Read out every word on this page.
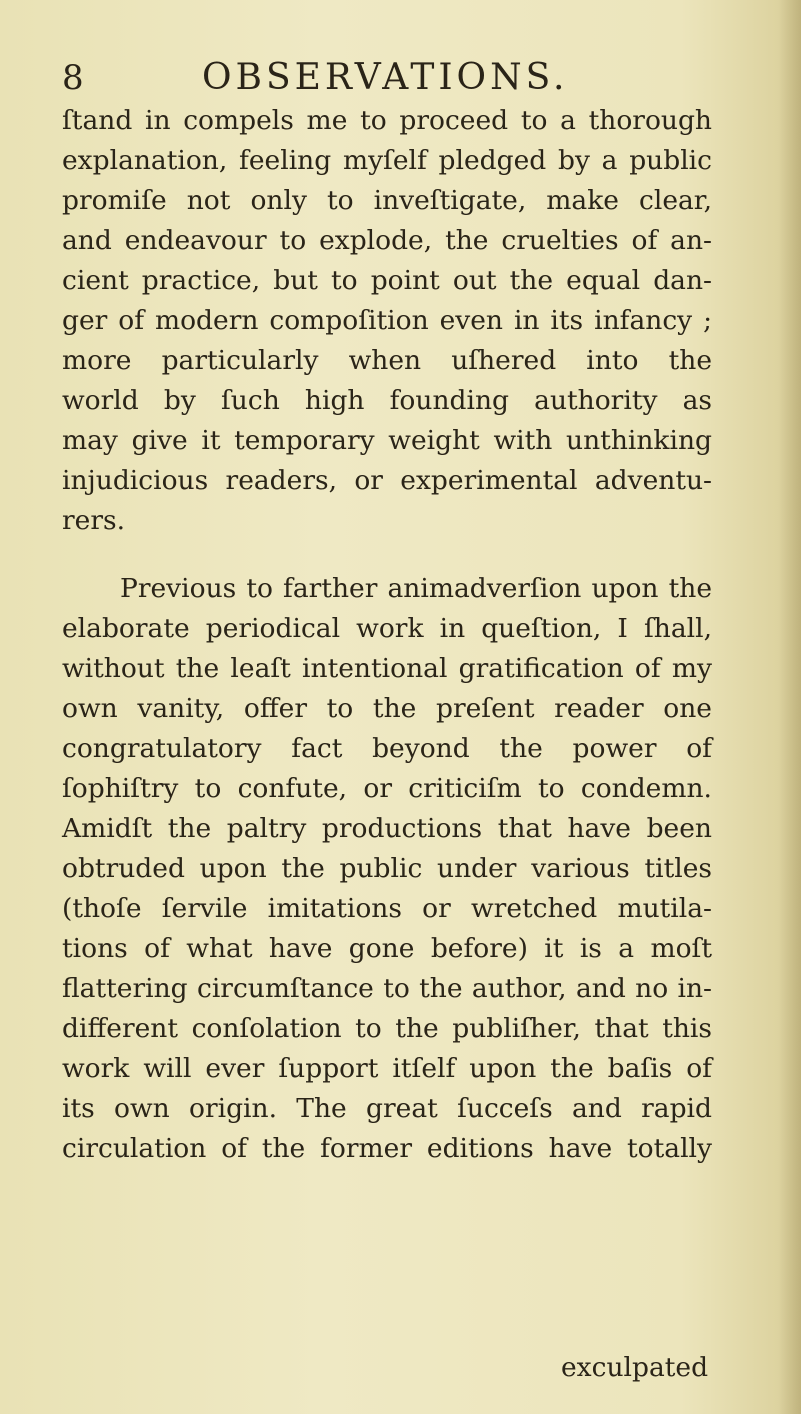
8	OBSERVATIONS.
ſtand in compels me to proceed to a thorough
explanation, feeling myſelf pledged by a public
promiſe not only to inveſtigate, make clear,
and endeavour to explode, the cruelties of an-
cient practice, but to point out the equal dan-
ger of modern compoſition even in its infancy ;
more particularly when uſhered into the
world by ſuch high founding authority as
may give it temporary weight with unthinking
injudicious readers, or experimental adventu-
rers.
Previous to farther animadverſion upon the
elaborate periodical work in queſtion, I ſhall,
without the leaſt intentional gratification of my
own vanity, offer to the preſent reader one
congratulatory fact beyond the power of
ſophiſtry to confute, or criticiſm to condemn.
Amidſt the paltry productions that have been
obtruded upon the public under various titles
(thoſe ſervile imitations or wretched mutila-
tions of what have gone before) it is a moſt
flattering circumſtance to the author, and no in-
different conſolation to the publiſher, that this
work will ever ſupport itſelf upon the baſis of
its own origin. The great ſucceſs and rapid
circulation of the former editions have totally
exculpated
